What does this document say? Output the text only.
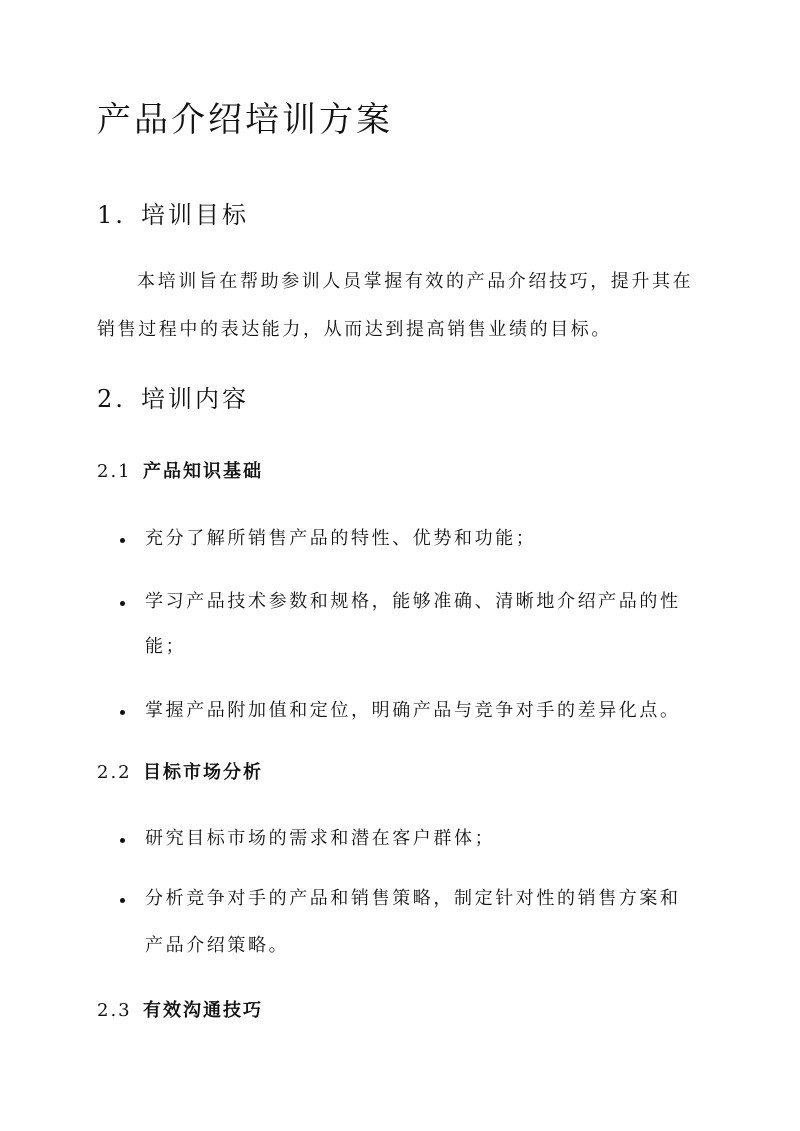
产品介绍培训方案
1. 培训目标
本培训旨在帮助参训人员掌握有效的产品介绍技巧，提升其在
销售过程中的表达能力，从而达到提高销售业绩的目标。
2. 培训内容
2.1 产品知识基础
充分了解所销售产品的特性、优势和功能；
学习产品技术参数和规格，能够准确、清晰地介绍产品的性
能；
掌握产品附加值和定位，明确产品与竞争对手的差异化点。
2.2 目标市场分析
研究目标市场的需求和潜在客户群体；
分析竞争对手的产品和销售策略，制定针对性的销售方案和
产品介绍策略。
2.3 有效沟通技巧
